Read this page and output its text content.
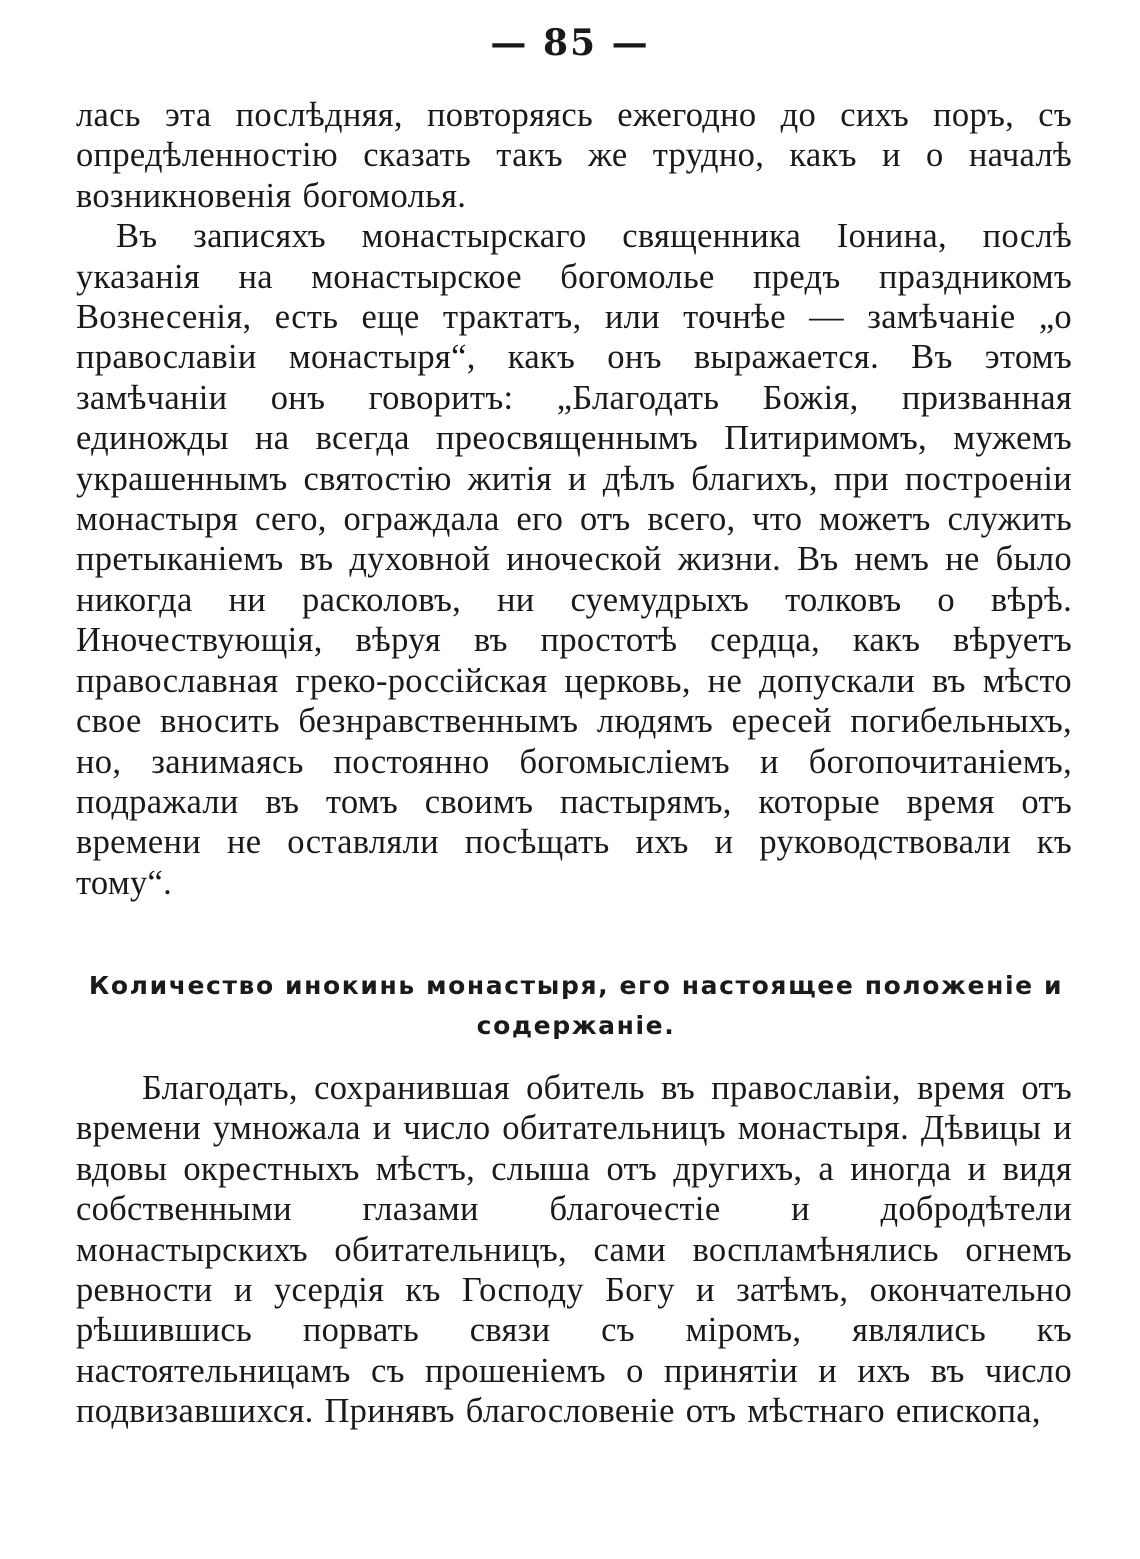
— 85 —

лась эта послѣдняя, повторяясь ежегодно до сихъ поръ, съ опредѣленностію сказать такъ же трудно, какъ и о началѣ возникновенія богомолья.

Въ записяхъ монастырскаго священника Іонина, послѣ указанія на монастырское богомолье предъ праздникомъ Вознесенія, есть еще трактатъ, или точнѣе — замѣчаніе „о православіи монастыря“, какъ онъ выражается. Въ этомъ замѣчаніи онъ говоритъ: „Благодать Божія, призванная единожды на всегда преосвященнымъ Питиримомъ, мужемъ украшеннымъ святостію житія и дѣлъ благихъ, при построеніи монастыря сего, ограждала его отъ всего, что можетъ служить претыканіемъ въ духовной иноческой жизни. Въ немъ не было никогда ни расколовъ, ни суемудрыхъ толковъ о вѣрѣ. Иночествующія, вѣруя въ простотѣ сердца, какъ вѣруетъ православная греко-россійская церковь, не допускали въ мѣсто свое вносить безнравственнымъ людямъ ересей погибельныхъ, но, занимаясь постоянно богомысліемъ и богопочитаніемъ, подражали въ томъ своимъ пастырямъ, которые время отъ времени не оставляли посѣщать ихъ и руководствовали къ тому“.

Количество инокинь монастыря, его настоящее положеніе и содержаніе.

Благодать, сохранившая обитель въ православіи, время отъ времени умножала и число обитательницъ монастыря. Дѣвицы и вдовы окрестныхъ мѣстъ, слыша отъ другихъ, а иногда и видя собственными глазами благочестіе и добродѣтели монастырскихъ обитательницъ, сами воспламѣнялись огнемъ ревности и усердія къ Господу Богу и затѣмъ, окончательно рѣшившись порвать связи съ міромъ, являлись къ настоятельницамъ съ прошеніемъ о принятіи и ихъ въ число подвизавшихся. Принявъ благословеніе отъ мѣстнаго епископа,
